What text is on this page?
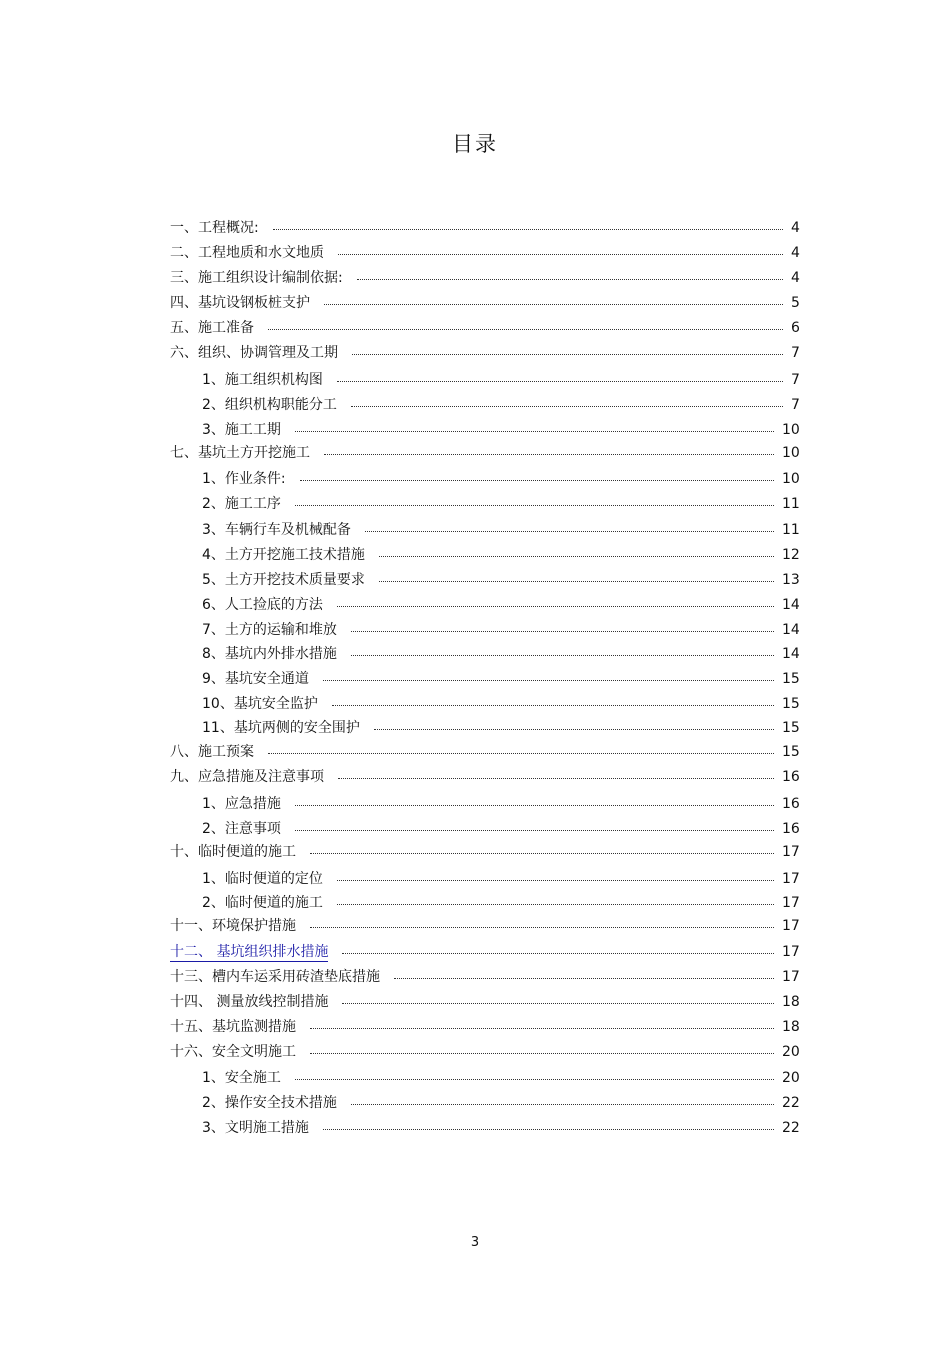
目录
一、工程概况:	4
二、工程地质和水文地质	4
三、施工组织设计编制依据:	4
四、基坑设钢板桩支护	5
五、施工准备	6
六、组织、协调管理及工期	7
1、施工组织机构图	7
2、组织机构职能分工	7
3、施工工期	10
七、基坑土方开挖施工	10
1、作业条件:	10
2、施工工序	11
3、车辆行车及机械配备	11
4、土方开挖施工技术措施	12
5、土方开挖技术质量要求	13
6、人工捡底的方法	14
7、土方的运输和堆放	14
8、基坑内外排水措施	14
9、基坑安全通道	15
10、基坑安全监护	15
11、基坑两侧的安全围护	15
八、施工预案	15
九、应急措施及注意事项	16
1、应急措施	16
2、注意事项	16
十、临时便道的施工	17
1、临时便道的定位	17
2、临时便道的施工	17
十一、环境保护措施	17
十二、 基坑组织排水措施	17
十三、槽内车运采用砖渣垫底措施	17
十四、 测量放线控制措施	18
十五、基坑监测措施	18
十六、安全文明施工	20
1、安全施工	20
2、操作安全技术措施	22
3、文明施工措施	22
3
